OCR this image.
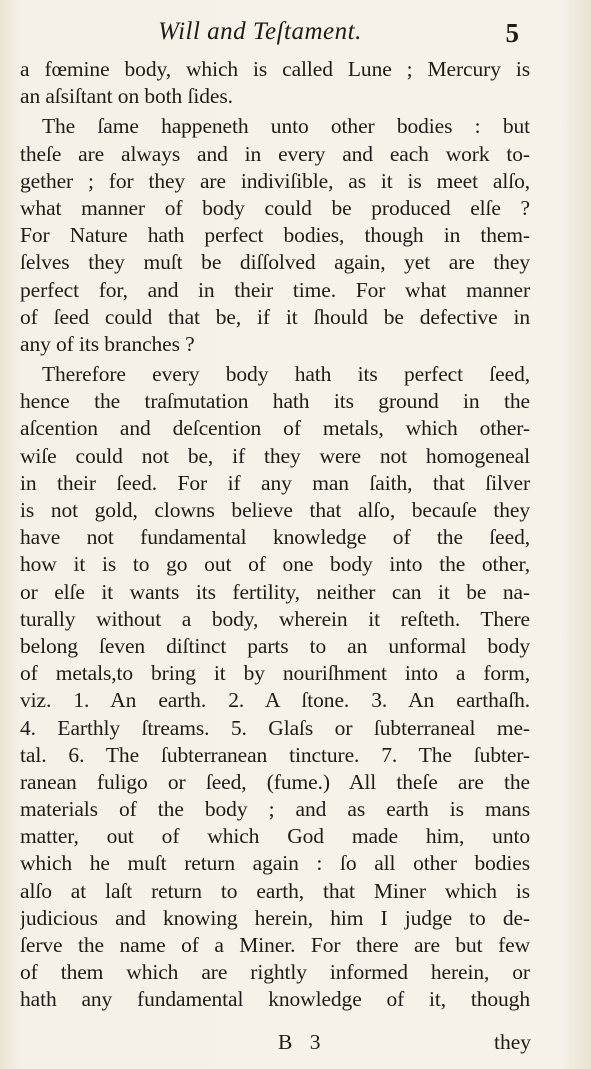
Will and Teſtament.	5
a fœmine body, which is called Lune ; Mercury is
an aſsiſtant on both ſides.
The ſame happeneth unto other bodies : but
theſe are always and in every and each work to-
gether ; for they are indiviſible, as it is meet alſo,
what manner of body could be produced elſe ?
For Nature hath perfect bodies, though in them-
ſelves they muſt be diſſolved again, yet are they
perfect for, and in their time. For what manner
of ſeed could that be, if it ſhould be defective in
any of its branches ?
Therefore every body hath its perfect ſeed,
hence the traſmutation hath its ground in the
aſcention and deſcention of metals, which other-
wiſe could not be, if they were not homogeneal
in their ſeed. For if any man ſaith, that ſilver
is not gold, clowns believe that alſo, becauſe they
have not fundamental knowledge of the ſeed,
how it is to go out of one body into the other,
or elſe it wants its fertility, neither can it be na-
turally without a body, wherein it reſteth. There
belong ſeven diſtinct parts to an unformal body
of metals,to bring it by nouriſhment into a form,
viz. 1. An earth. 2. A ſtone. 3. An earthaſh.
4. Earthly ſtreams. 5. Glaſs or ſubterraneal me-
tal. 6. The ſubterranean tincture. 7. The ſubter-
ranean fuligo or ſeed, (fume.) All theſe are the
materials of the body ; and as earth is mans
matter, out of which God made him, unto
which he muſt return again : ſo all other bodies
alſo at laſt return to earth, that Miner which is
judicious and knowing herein, him I judge to de-
ſerve the name of a Miner. For there are but few
of them which are rightly informed herein, or
hath any fundamental knowledge of it, though
B 3	they
